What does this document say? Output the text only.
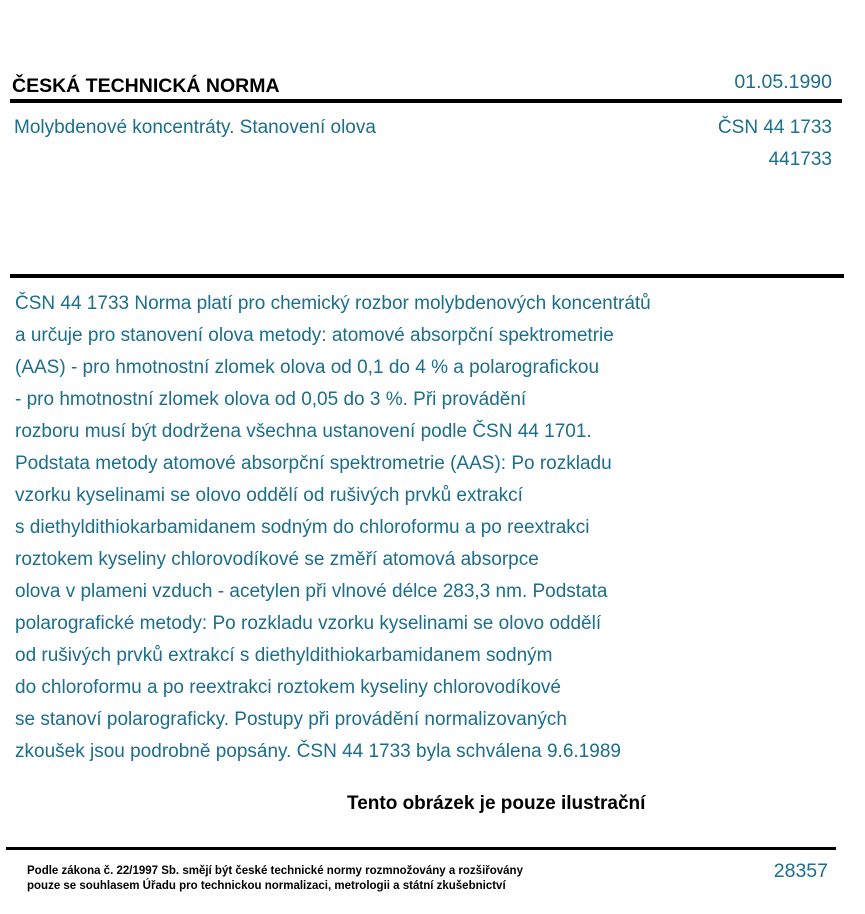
ČESKÁ TECHNICKÁ NORMA	01.05.1990
Molybdenové koncentráty. Stanovení olova	ČSN 44 1733
441733
ČSN 44 1733 Norma platí pro chemický rozbor molybdenových koncentrátů
a určuje pro stanovení olova metody: atomové absorpční spektrometrie
(AAS) - pro hmotnostní zlomek olova od 0,1 do 4 % a polarografickou
- pro hmotnostní zlomek olova od 0,05 do 3 %. Při provádění
rozboru musí být dodržena všechna ustanovení podle ČSN 44 1701.
Podstata metody atomové absorpční spektrometrie (AAS): Po rozkladu
vzorku kyselinami se olovo oddělí od rušivých prvků extrakcí
s diethyldithiokarbamidanem sodným do chloroformu a po reextrakci
roztokem kyseliny chlorovodíkové se změří atomová absorpce
olova v plameni vzduch - acetylen při vlnové délce 283,3 nm. Podstata
polarografické metody: Po rozkladu vzorku kyselinami se olovo oddělí
od rušivých prvků extrakcí s diethyldithiokarbamidanem sodným
do chloroformu a po reextrakci roztokem kyseliny chlorovodíkové
se stanoví polarograficky. Postupy při provádění normalizovaných
zkoušek jsou podrobně popsány. ČSN 44 1733 byla schválena 9.6.1989
Tento obrázek je pouze ilustrační
Podle zákona č. 22/1997 Sb. smějí být české technické normy rozmnožovány a rozšiřovány
pouze se souhlasem Úřadu pro technickou normalizaci, metrologii a státní zkušebnictví
28357
